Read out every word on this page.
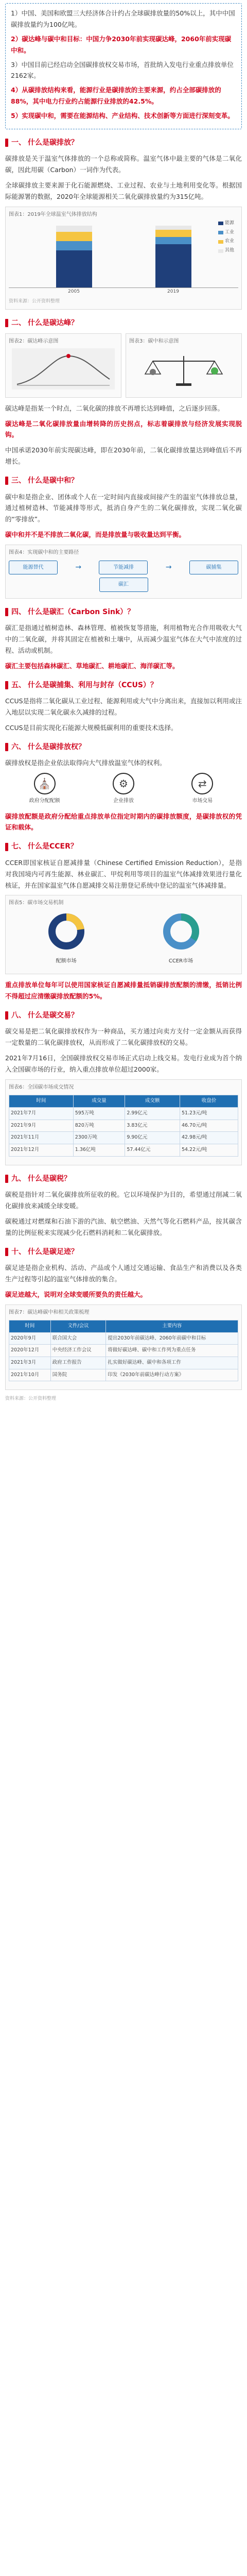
1）中国、美国和欧盟三大经济体合计约占全球碳排放量的50%以上，其中中国碳排放量约为100亿吨。

2）碳达峰与碳中和目标：中国力争2030年前实现碳达峰，2060年前实现碳中和。

3）中国目前已经启动全国碳排放权交易市场，首批纳入发电行业重点排放单位2162家。

4）从碳排放结构来看，能源行业是碳排放的主要来源，约占全部碳排放的88%，其中电力行业约占能源行业排放的42.5%。

5）实现碳中和，需要在能源结构、产业结构、技术创新等方面进行深刻变革。

一、 什么是碳排放？

碳排放是关于温室气体排放的一个总称或简称。温室气体中最主要的气体是二氧化碳，因此用碳（Carbon）一词作为代表。

全球碳排放主要来源于化石能源燃烧、工业过程、农业与土地利用变化等。根据国际能源署的数据，2020年全球能源相关二氧化碳排放量约为315亿吨。

图表1：2019年全球温室气体排放结构
2005	2019
能源
工业
农业
其他
资料来源：公开资料整理
二、 什么是碳达峰？
图表2：碳达峰示意图	图表3：碳中和示意图

碳达峰是指某一个时点，二氧化碳的排放不再增长达到峰值，之后逐步回落。

碳达峰是二氧化碳排放量由增转降的历史拐点，标志着碳排放与经济发展实现脱钩。

中国承诺2030年前实现碳达峰，即在2030年前，二氧化碳排放量达到峰值后不再增长。

三、 什么是碳中和？

碳中和是指企业、团体或个人在一定时间内直接或间接产生的温室气体排放总量，通过植树造林、节能减排等形式，抵消自身产生的二氧化碳排放，实现二氧化碳的“零排放”。

碳中和并不是不排放二氧化碳，而是排放量与吸收量达到平衡。

图表4：实现碳中和的主要路径
能源替代	→	节能减排	→	碳捕集
碳汇
四、 什么是碳汇（Carbon Sink）？

碳汇是指通过植树造林、森林管理、植被恢复等措施，利用植物光合作用吸收大气中的二氧化碳，并将其固定在植被和土壤中，从而减少温室气体在大气中浓度的过程、活动或机制。

碳汇主要包括森林碳汇、草地碳汇、耕地碳汇、海洋碳汇等。

五、 什么是碳捕集、利用与封存（CCUS）？

CCUS是指将二氧化碳从工业过程、能源利用或大气中分离出来，直接加以利用或注入地层以实现二氧化碳永久减排的过程。

CCUS是目前实现化石能源大规模低碳利用的重要技术选择。

六、 什么是碳排放权？

碳排放权是指企业依法取得向大气排放温室气体的权利。

⛪
政府分配配额
⚙
企业排放
⇄
市场交易

碳排放配额是政府分配给重点排放单位指定时期内的碳排放额度，是碳排放权的凭证和载体。

七、 什么是CCER？

CCER即国家核证自愿减排量（Chinese Certified Emission Reduction），是指对我国境内可再生能源、林业碳汇、甲烷利用等项目的温室气体减排效果进行量化核证，并在国家温室气体自愿减排交易注册登记系统中登记的温室气体减排量。

图表5：碳市场交易机制
配额市场	CCER市场

重点排放单位每年可以使用国家核证自愿减排量抵销碳排放配额的清缴，抵销比例不得超过应清缴碳排放配额的5%。

八、 什么是碳交易？

碳交易是把二氧化碳排放权作为一种商品，买方通过向卖方支付一定金额从而获得一定数量的二氧化碳排放权，从而形成了二氧化碳排放权的交易。

2021年7月16日，全国碳排放权交易市场正式启动上线交易。发电行业成为首个纳入全国碳市场的行业，纳入重点排放单位超过2000家。

图表6：全国碳市场成交情况
时间	成交量	成交额	收盘价
2021年7月	595万吨	2.99亿元	51.23元/吨
2021年9月	820万吨	3.83亿元	46.70元/吨
2021年11月	2300万吨	9.90亿元	42.98元/吨
2021年12月	1.36亿吨	57.44亿元	54.22元/吨
九、 什么是碳税？

碳税是指针对二氧化碳排放所征收的税。它以环境保护为目的，希望通过削减二氧化碳排放来减缓全球变暖。

碳税通过对燃煤和石油下游的汽油、航空燃油、天然气等化石燃料产品，按其碳含量的比例征税来实现减少化石燃料消耗和二氧化碳排放。

十、 什么是碳足迹？

碳足迹是指企业机构、活动、产品或个人通过交通运输、食品生产和消费以及各类生产过程等引起的温室气体排放的集合。

碳足迹越大，说明对全球变暖所要负的责任越大。

图表7：碳达峰碳中和相关政策梳理
时间	文件/会议	主要内容
2020年9月	联合国大会	提出2030年前碳达峰、2060年前碳中和目标
2020年12月	中央经济工作会议	将做好碳达峰、碳中和工作列为重点任务
2021年3月	政府工作报告	扎实做好碳达峰、碳中和各项工作
2021年10月	国务院	印发《2030年前碳达峰行动方案》
资料来源：公开资料整理
